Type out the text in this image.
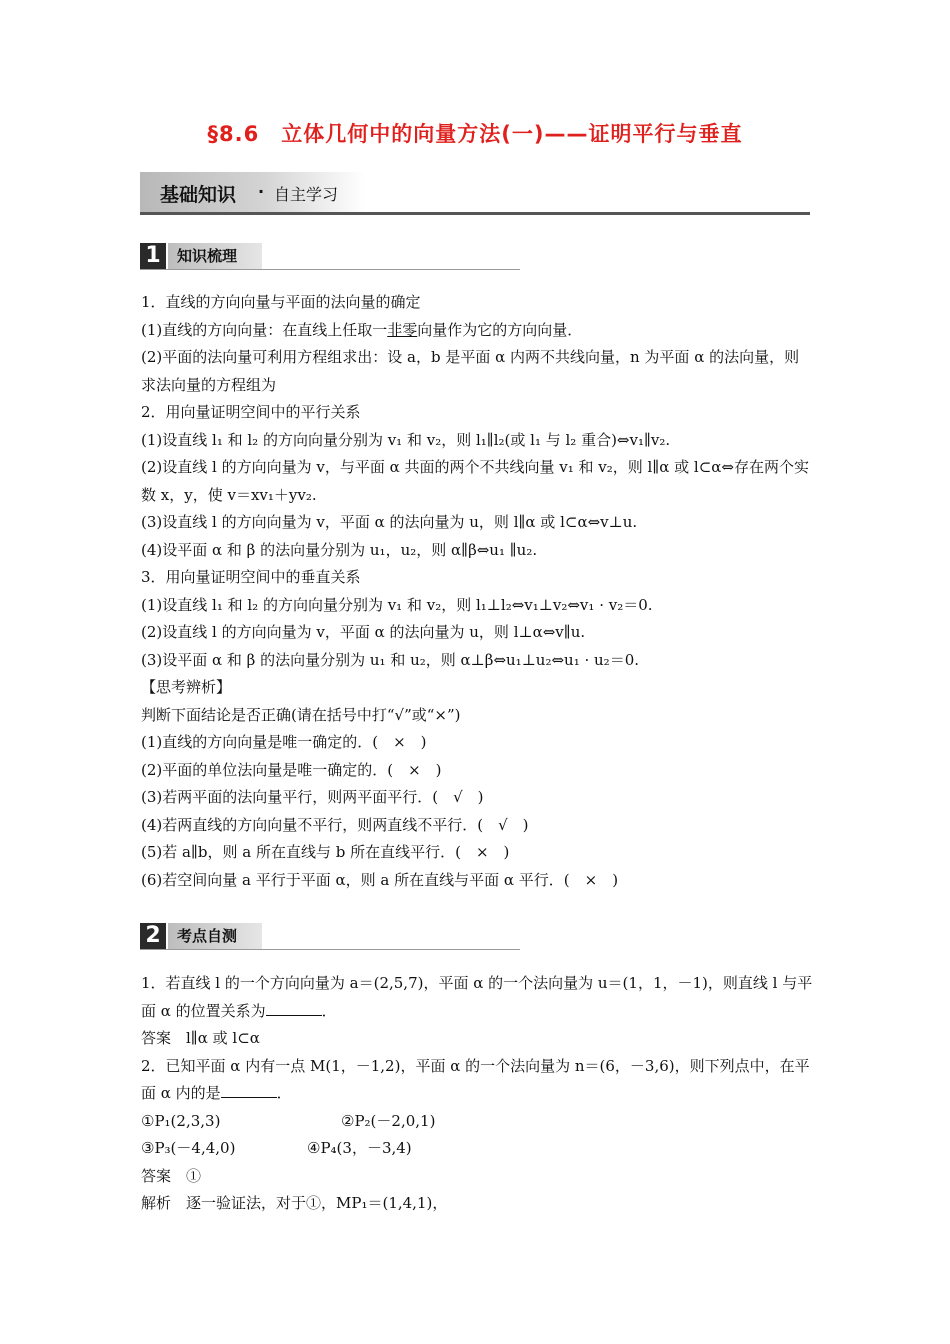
§8.6　立体几何中的向量方法(一)——证明平行与垂直
基础知识 · 自主学习
1	知识梳理

1．直线的方向向量与平面的法向量的确定

(1)直线的方向向量：在直线上任取一非零向量作为它的方向向量．

(2)平面的法向量可利用方程组求出：设 a，b 是平面 α 内两不共线向量，n 为平面 α 的法向量，则求法向量的方程组为

2．用向量证明空间中的平行关系

(1)设直线 l₁ 和 l₂ 的方向向量分别为 v₁ 和 v₂，则 l₁∥l₂(或 l₁ 与 l₂ 重合)⇔v₁∥v₂.

(2)设直线 l 的方向向量为 v，与平面 α 共面的两个不共线向量 v₁ 和 v₂，则 l∥α 或 l⊂α⇔存在两个实数 x，y，使 v＝xv₁＋yv₂.

(3)设直线 l 的方向向量为 v，平面 α 的法向量为 u，则 l∥α 或 l⊂α⇔v⊥u.

(4)设平面 α 和 β 的法向量分别为 u₁，u₂，则 α∥β⇔u₁ ∥u₂.

3．用向量证明空间中的垂直关系

(1)设直线 l₁ 和 l₂ 的方向向量分别为 v₁ 和 v₂，则 l₁⊥l₂⇔v₁⊥v₂⇔v₁ · v₂＝0.

(2)设直线 l 的方向向量为 v，平面 α 的法向量为 u，则 l⊥α⇔v∥u.

(3)设平面 α 和 β 的法向量分别为 u₁ 和 u₂，则 α⊥β⇔u₁⊥u₂⇔u₁ · u₂＝0.

【思考辨析】

判断下面结论是否正确(请在括号中打“√”或“×”)

(1)直线的方向向量是唯一确定的．(　×　)

(2)平面的单位法向量是唯一确定的．(　×　)

(3)若两平面的法向量平行，则两平面平行．(　√　)

(4)若两直线的方向向量不平行，则两直线不平行．(　√　)

(5)若 a∥b，则 a 所在直线与 b 所在直线平行．(　×　)

(6)若空间向量 a 平行于平面 α，则 a 所在直线与平面 α 平行．(　×　)

2	考点自测

1．若直线 l 的一个方向向量为 a＝(2,5,7)，平面 α 的一个法向量为 u＝(1，1，－1)，则直线 l 与平面 α 的位置关系为	．

答案　l∥α 或 l⊂α

2．已知平面 α 内有一点 M(1，－1,2)，平面 α 的一个法向量为 n＝(6，－3,6)，则下列点中，在平面 α 内的是	．

①P₁(2,3,3)	②P₂(－2,0,1)

③P₃(－4,4,0)	④P₄(3，－3,4)

答案　①

解析　逐一验证法，对于①，MP₁＝(1,4,1)，
